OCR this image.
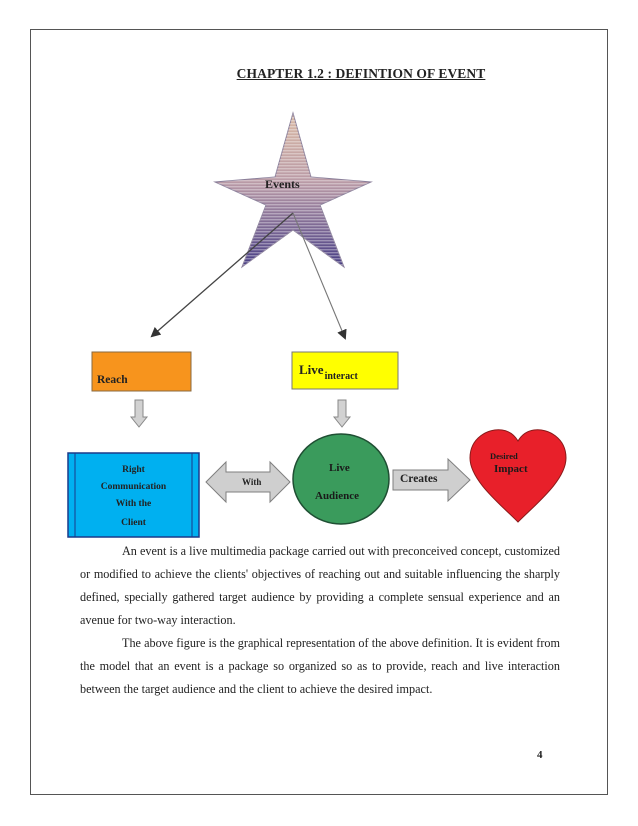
CHAPTER 1.2 : DEFINTION OF EVENT
Events
Reach
Live$_{interact}$
Right
Communication
With the
Client
With
Live
Audience
Creates
Desired
Impact

An event is a live multimedia package carried out with preconceived concept, customized or modified to achieve the clients' objectives of reaching out and suitable influencing the sharply defined, specially gathered target audience by providing a complete sensual experience and an avenue for two-way interaction.

The above figure is the graphical representation of the above definition. It is evident from the model that an event is a package so organized so as to provide, reach and live interaction between the target audience and the client to achieve the desired impact.

4
